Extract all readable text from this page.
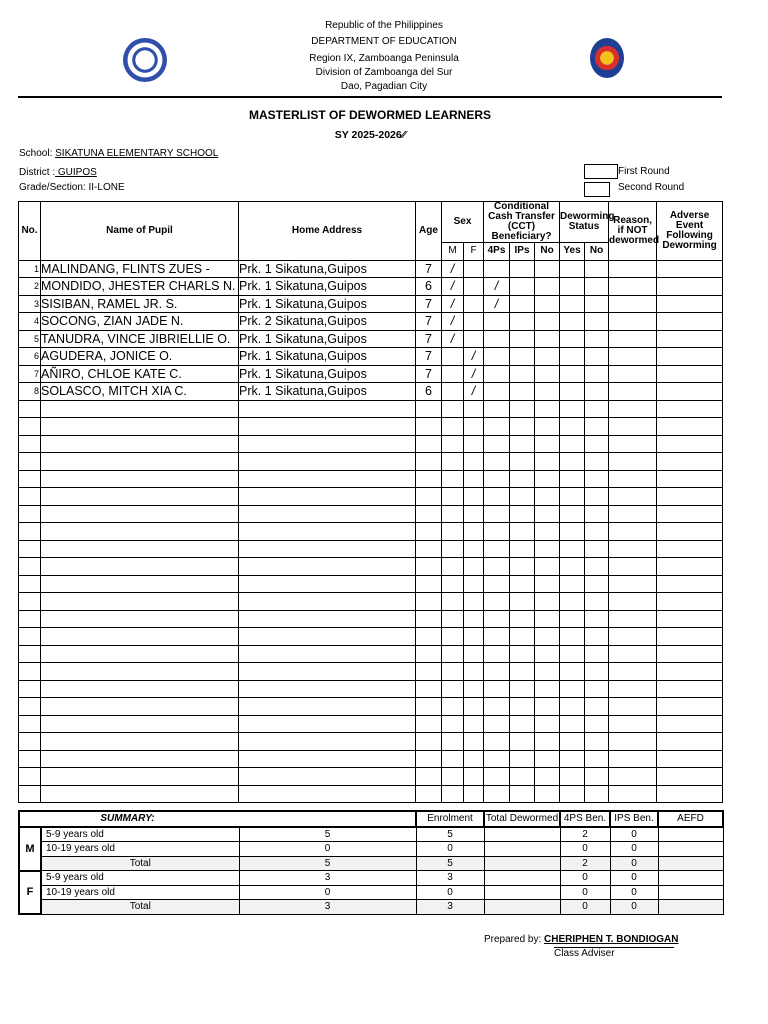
Republic of the Philippines
DEPARTMENT OF EDUCATION
Region IX, Zamboanga Peninsula
Division of Zamboanga del Sur
Dao, Pagadian City
MASTERLIST OF DEWORMED LEARNERS
SY 2025-2026⁄⁄
School: SIKATUNA ELEMENTARY SCHOOL
District : GUIPOS
Grade/Section: II-LONE
First Round
Second Round
No.	Name of Pupil	Home Address	Age	Sex		Conditional Cash Transfer (CCT) Beneficiary?			Deworming Status		Reason, if NOT dewormed	Adverse Event Following Deworming
				M	F	4Ps	IPs	No	Yes	No		
1	MALINDANG, FLINTS ZUES -	Prk. 1 Sikatuna,Guipos	7	/								
2	MONDIDO, JHESTER CHARLS N.	Prk. 1 Sikatuna,Guipos	6	/		/						
3	SISIBAN, RAMEL JR. S.	Prk. 1 Sikatuna,Guipos	7	/		/						
4	SOCONG, ZIAN JADE N.	Prk. 2 Sikatuna,Guipos	7	/								
5	TANUDRA, VINCE JIBRIELLIE O.	Prk. 1 Sikatuna,Guipos	7	/								
6	AGUDERA, JONICE O.	Prk. 1 Sikatuna,Guipos	7		/							
7	AÑIRO, CHLOE KATE C.	Prk. 1 Sikatuna,Guipos	7		/							
8	SOLASCO, MITCH XIA C.	Prk. 1 Sikatuna,Guipos	6		/							

SUMMARY:			Enrolment	Total Dewormed	4PS Ben.	IPS Ben.	AEFD
M	5-9 years old	5	5		2	0	
	10-19 years old	0	0		0	0	
	Total	5	5		2	0	
F	5-9 years old	3	3		0	0	
	10-19 years old	0	0		0	0	
	Total	3	3		0	0	
Prepared by: CHERIPHEN T. BONDIOGAN
Class Adviser
